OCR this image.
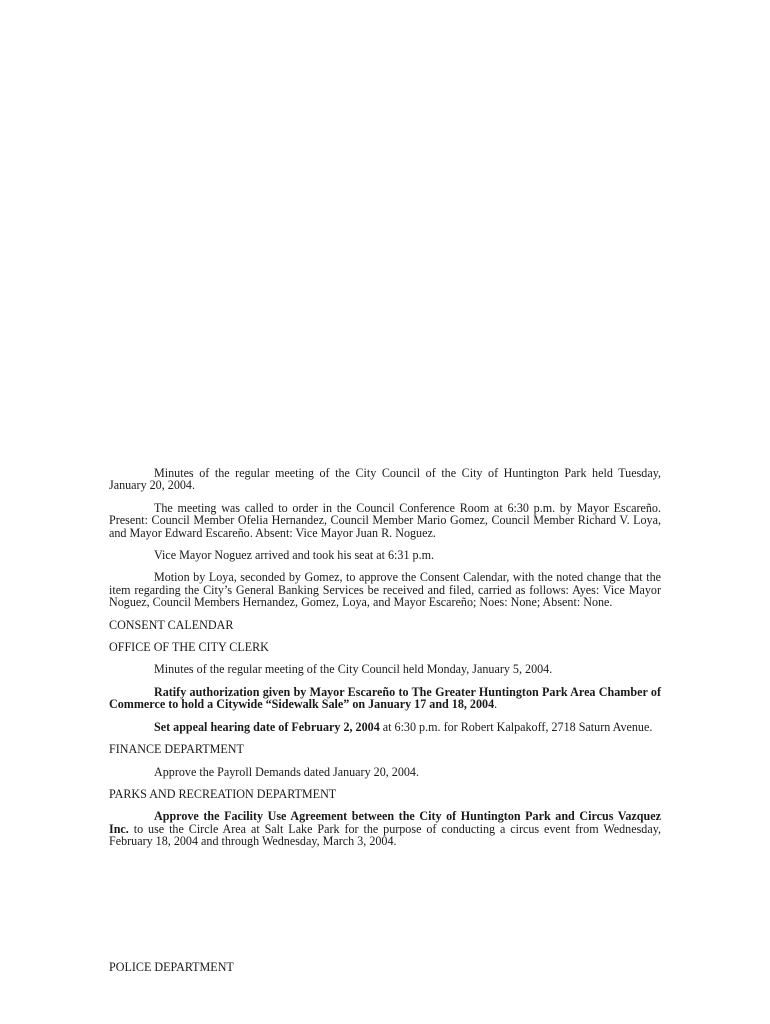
Minutes of the regular meeting of the City Council of the City of Huntington Park held Tuesday, January 20, 2004.

The meeting was called to order in the Council Conference Room at 6:30 p.m. by Mayor Escareño. Present: Council Member Ofelia Hernandez, Council Member Mario Gomez, Council Member Richard V. Loya, and Mayor Edward Escareño. Absent: Vice Mayor Juan R. Noguez.

Vice Mayor Noguez arrived and took his seat at 6:31 p.m.

Motion by Loya, seconded by Gomez, to approve the Consent Calendar, with the noted change that the item regarding the City’s General Banking Services be received and filed, carried as follows: Ayes: Vice Mayor Noguez, Council Members Hernandez, Gomez, Loya, and Mayor Escareño; Noes: None; Absent: None.

CONSENT CALENDAR

OFFICE OF THE CITY CLERK

Minutes of the regular meeting of the City Council held Monday, January 5, 2004.

Ratify authorization given by Mayor Escareño to The Greater Huntington Park Area Chamber of Commerce to hold a Citywide “Sidewalk Sale” on January 17 and 18, 2004.

Set appeal hearing date of February 2, 2004 at 6:30 p.m. for Robert Kalpakoff, 2718 Saturn Avenue.

FINANCE DEPARTMENT

Approve the Payroll Demands dated January 20, 2004.

PARKS AND RECREATION DEPARTMENT

Approve the Facility Use Agreement between the City of Huntington Park and Circus Vazquez Inc. to use the Circle Area at Salt Lake Park for the purpose of conducting a circus event from Wednesday, February 18, 2004 and through Wednesday, March 3, 2004.

POLICE DEPARTMENT
